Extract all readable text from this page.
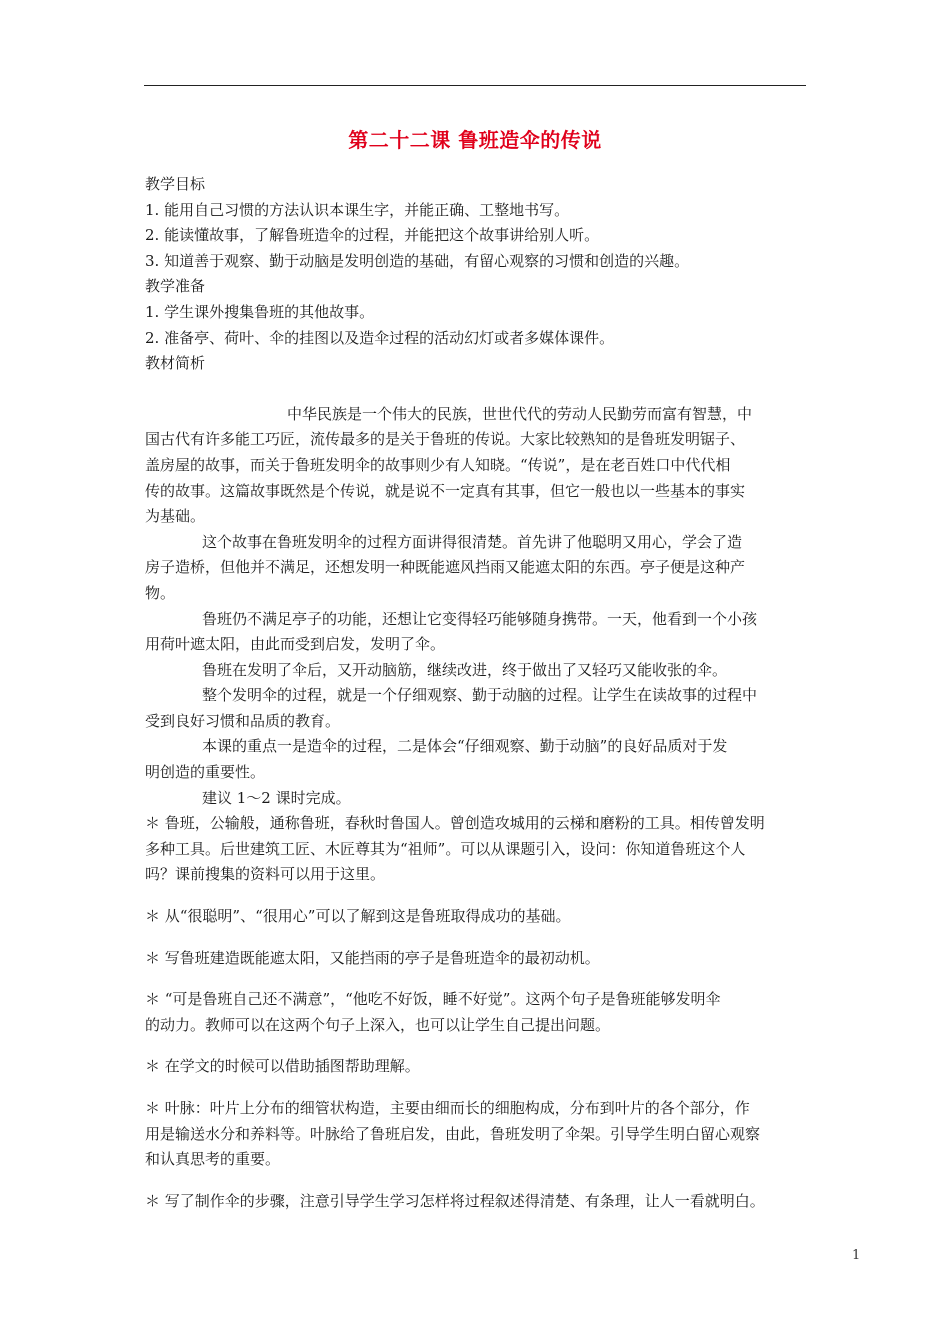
第二十二课 鲁班造伞的传说
教学目标
1. 能用自己习惯的方法认识本课生字，并能正确、工整地书写。
2. 能读懂故事，了解鲁班造伞的过程，并能把这个故事讲给别人听。
3. 知道善于观察、勤于动脑是发明创造的基础，有留心观察的习惯和创造的兴趣。
教学准备
1. 学生课外搜集鲁班的其他故事。
2. 准备亭、荷叶、伞的挂图以及造伞过程的活动幻灯或者多媒体课件。
教材简析
中华民族是一个伟大的民族，世世代代的劳动人民勤劳而富有智慧，中
国古代有许多能工巧匠，流传最多的是关于鲁班的传说。大家比较熟知的是鲁班发明锯子、
盖房屋的故事，而关于鲁班发明伞的故事则少有人知晓。“传说”，是在老百姓口中代代相
传的故事。这篇故事既然是个传说，就是说不一定真有其事，但它一般也以一些基本的事实
为基础。
这个故事在鲁班发明伞的过程方面讲得很清楚。首先讲了他聪明又用心，学会了造
房子造桥，但他并不满足，还想发明一种既能遮风挡雨又能遮太阳的东西。亭子便是这种产
物。
鲁班仍不满足亭子的功能，还想让它变得轻巧能够随身携带。一天，他看到一个小孩
用荷叶遮太阳，由此而受到启发，发明了伞。
鲁班在发明了伞后，又开动脑筋，继续改进，终于做出了又轻巧又能收张的伞。
整个发明伞的过程，就是一个仔细观察、勤于动脑的过程。让学生在读故事的过程中
受到良好习惯和品质的教育。
本课的重点一是造伞的过程，二是体会“仔细观察、勤于动脑”的良好品质对于发
明创造的重要性。
建议 1～2 课时完成。
＊ 鲁班，公输般，通称鲁班，春秋时鲁国人。曾创造攻城用的云梯和磨粉的工具。相传曾发明
多种工具。后世建筑工匠、木匠尊其为“祖师”。可以从课题引入，设问：你知道鲁班这个人
吗？课前搜集的资料可以用于这里。
＊ 从“很聪明”、“很用心”可以了解到这是鲁班取得成功的基础。
＊ 写鲁班建造既能遮太阳，又能挡雨的亭子是鲁班造伞的最初动机。
＊ “可是鲁班自己还不满意”，“他吃不好饭，睡不好觉”。这两个句子是鲁班能够发明伞
的动力。教师可以在这两个句子上深入，也可以让学生自己提出问题。
＊ 在学文的时候可以借助插图帮助理解。
＊ 叶脉：叶片上分布的细管状构造，主要由细而长的细胞构成，分布到叶片的各个部分，作
用是输送水分和养料等。叶脉给了鲁班启发，由此，鲁班发明了伞架。引导学生明白留心观察
和认真思考的重要。
＊ 写了制作伞的步骤，注意引导学生学习怎样将过程叙述得清楚、有条理，让人一看就明白。
1
